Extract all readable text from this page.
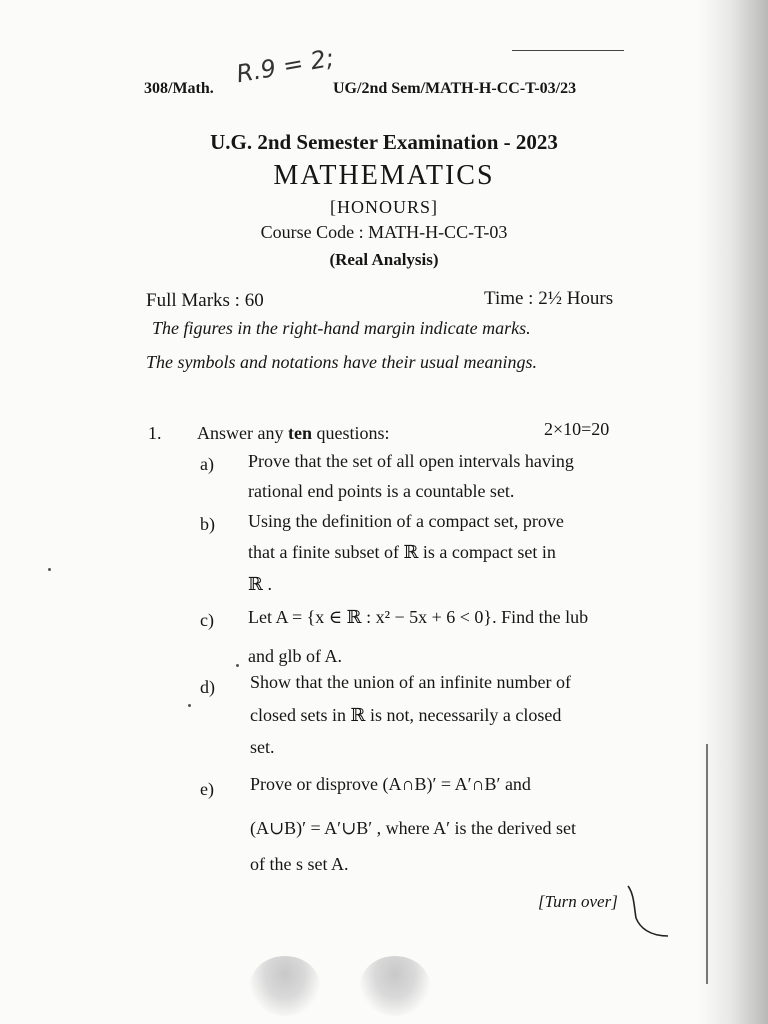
308/Math.
R.9 = 2;
UG/2nd Sem/MATH-H-CC-T-03/23
U.G. 2nd Semester Examination - 2023
MATHEMATICS
[HONOURS]
Course Code : MATH-H-CC-T-03
(Real Analysis)
Full Marks : 60	Time : 2½ Hours
The figures in the right-hand margin indicate marks.
The symbols and notations have their usual meanings.
1. Answer any ten questions:	2×10=20
a) Prove that the set of all open intervals having
rational end points is a countable set.
b) Using the definition of a compact set, prove
that a finite subset of ℝ is a compact set in
ℝ .
c) Let A = {x ∈ ℝ : x² − 5x + 6 < 0}. Find the lub
and glb of A.
d) Show that the union of an infinite number of
closed sets in ℝ is not, necessarily a closed
set.
e) Prove or disprove (A∩B)′ = A′∩B′ and
(A∪B)′ = A′∪B′ , where A′ is the derived set
of the s set A.
[Turn over]
